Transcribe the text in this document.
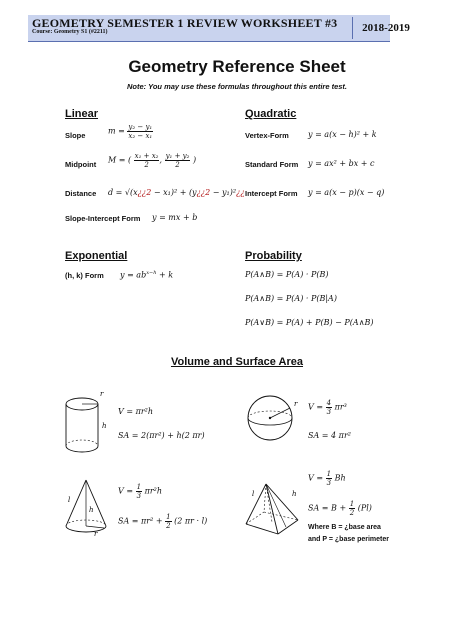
GEOMETRY SEMESTER 1 REVIEW WORKSHEET #3
Course: Geometry S1 (#2211)	2018-2019
Geometry Reference Sheet
Note: You may use these formulas throughout this entire test.
Linear
Slope	$m = \frac{\text{y₂ − y₁}}{\text{x₂ − x₁}}$
Midpoint M = ( $\frac{\text{x₁ + x₂}}{2}$ , $\frac{\text{y₁ + y₂}}{2}$ )
Distance d = √(x¿¿2 − x₁)² + (y¿¿2 − y₁)²¿¿
Slope-Intercept Form y = mx + b
Quadratic
Vertex-Form y = a(x − h)² + k
Standard Form y = ax² + bx + c
Intercept Form y = a(x − p)(x − q)
Exponential
(h, k) Form $y = ab^{x-h} + k$
Probability
P(A∧B) = P(A) · P(B)
P(A∧B) = P(A) · P(B|A)
P(A∨B) = P(A) + P(B) − P(A∧B)
Volume and Surface Area
r
h
V = πr²h
SA = 2(πr²) + h(2 πr)
r $V = \frac{4}{3} \pi r^3$
SA = 4 πr²
l
h
r
$V = \frac{1}{3} \pi r^2h$
SA = $\pi r^2 + \frac{1}{2} (2$ πr · l)
l	h
$V = \frac{1}{3}$ Bh
SA = $B + \frac{1}{2} (Pl)$
Where B = ¿base area
and P = ¿base perimeter
